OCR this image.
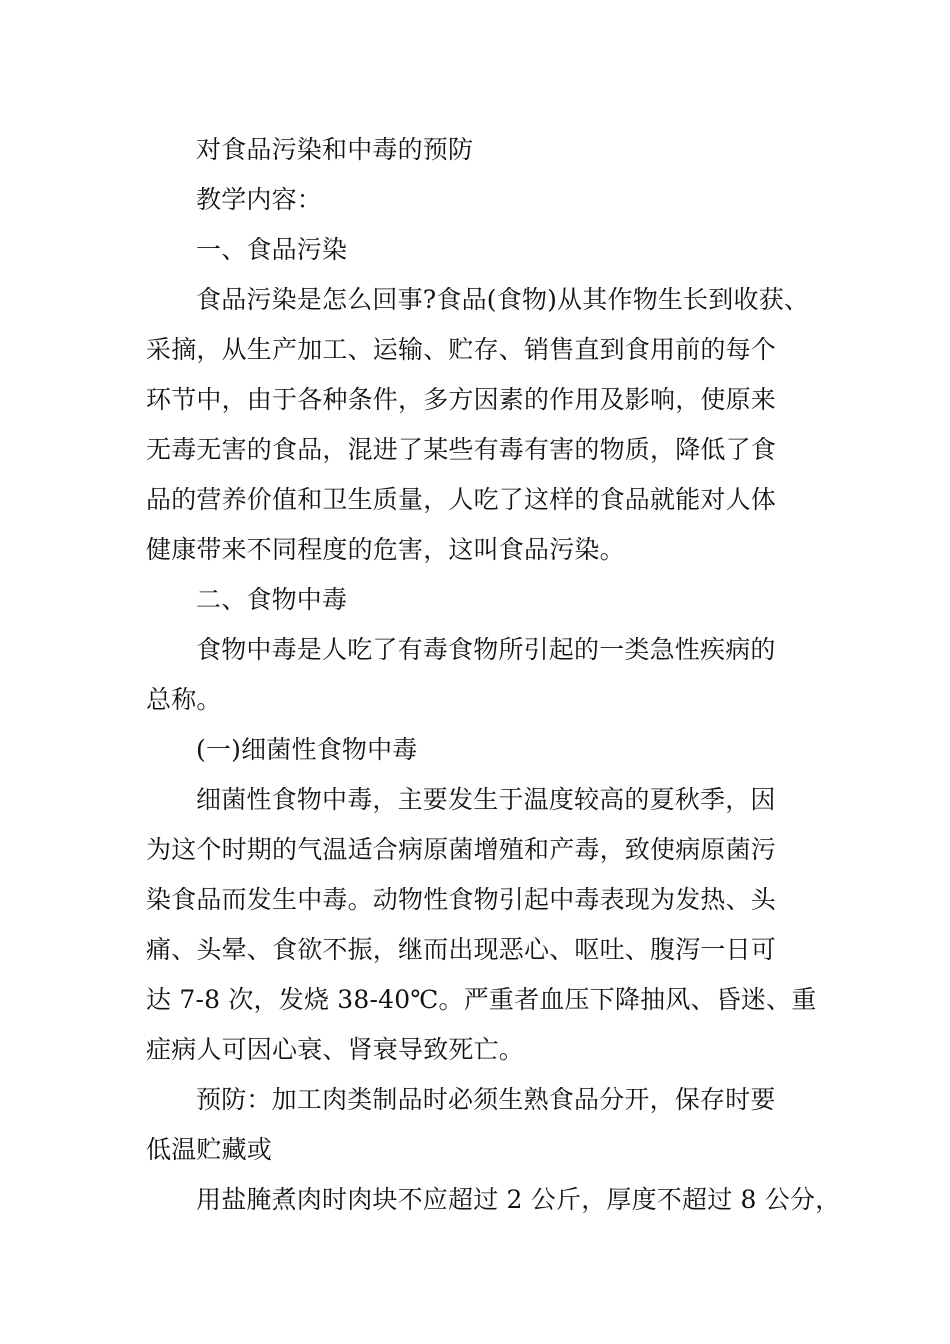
对食品污染和中毒的预防
教学内容：
一、食品污染
食品污染是怎么回事?食品(食物)从其作物生长到收获、
采摘，从生产加工、运输、贮存、销售直到食用前的每个
环节中，由于各种条件，多方因素的作用及影响，使原来
无毒无害的食品，混进了某些有毒有害的物质，降低了食
品的营养价值和卫生质量，人吃了这样的食品就能对人体
健康带来不同程度的危害，这叫食品污染。
二、食物中毒
食物中毒是人吃了有毒食物所引起的一类急性疾病的
总称。
(一)细菌性食物中毒
细菌性食物中毒，主要发生于温度较高的夏秋季，因
为这个时期的气温适合病原菌增殖和产毒，致使病原菌污
染食品而发生中毒。动物性食物引起中毒表现为发热、头
痛、头晕、食欲不振，继而出现恶心、呕吐、腹泻一日可
达 7-8 次，发烧 38-40℃。严重者血压下降抽风、昏迷、重
症病人可因心衰、肾衰导致死亡。
预防：加工肉类制品时必须生熟食品分开，保存时要
低温贮藏或
用盐腌煮肉时肉块不应超过 2 公斤，厚度不超过 8 公分，
